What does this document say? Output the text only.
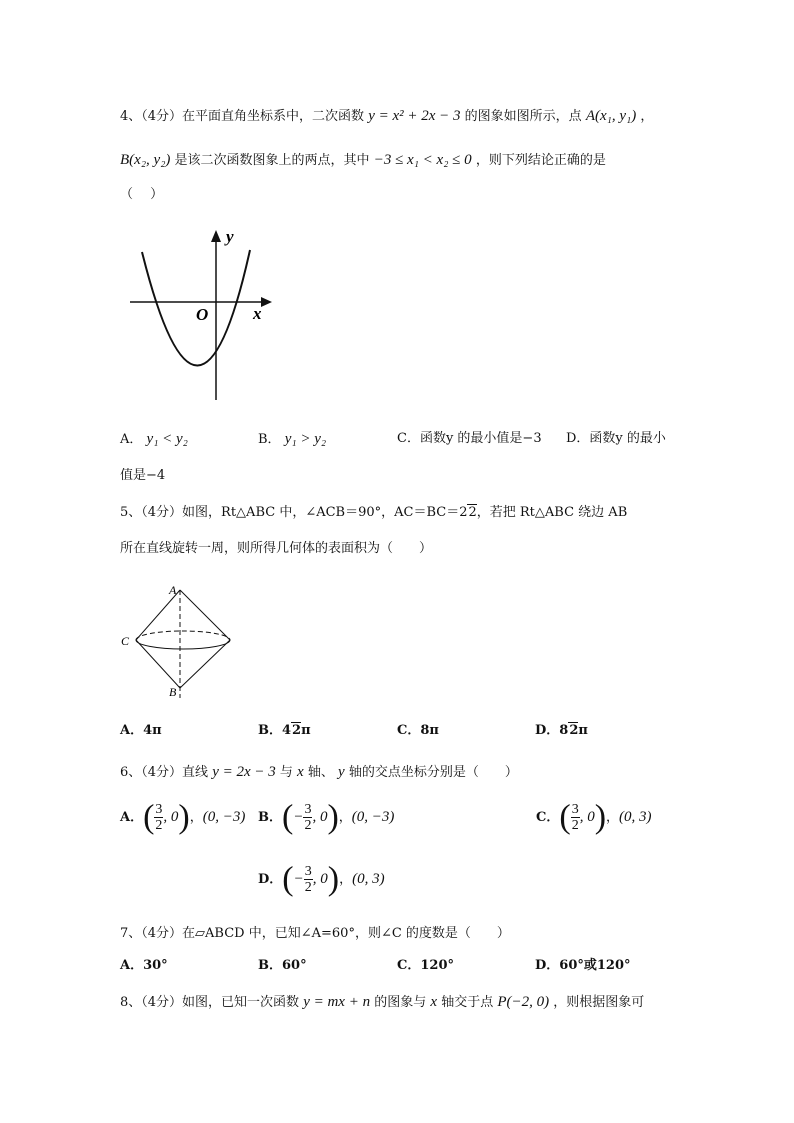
4、（4分）在平面直角坐标系中，二次函数 y = x² + 2x − 3 的图象如图所示，点 A(x₁, y₁) ，
B(x₂, y₂) 是该二次函数图象上的两点，其中 −3 ≤ x₁ < x₂ ≤ 0 ，则下列结论正确的是
（　 ）
y
x
O
A． y₁ < y₂	B． y₁ > y₂	C．函数y 的最小值是−3 D．函数y 的最小
值是−4
5、（4分）如图，Rt△ABC 中，∠ACB＝90°，AC＝BC＝22，若把 Rt△ABC 绕边 AB
所在直线旋转一周，则所得几何体的表面积为（　　）
A
B
C
A．4π	B．42π	C．8π	D．82π
6、（4分）直线 y = 2x − 3 与 x 轴、 y 轴的交点坐标分别是（　　）
A．( $\frac{3}{2}$ , 0)，(0, −3) B．(− $\frac{3}{2}$ , 0)，(0, −3)	C．( $\frac{3}{2}$ , 0)，(0, 3)
D．(− $\frac{3}{2}$ , 0)，(0, 3)
7、（4分）在▱ABCD 中，已知∠A=60°，则∠C 的度数是（　　）
A．30°	B．60°	C．120°	D．60°或120°
8、（4分）如图，已知一次函数 y = mx + n 的图象与 x 轴交于点 P(−2, 0) ，则根据图象可
